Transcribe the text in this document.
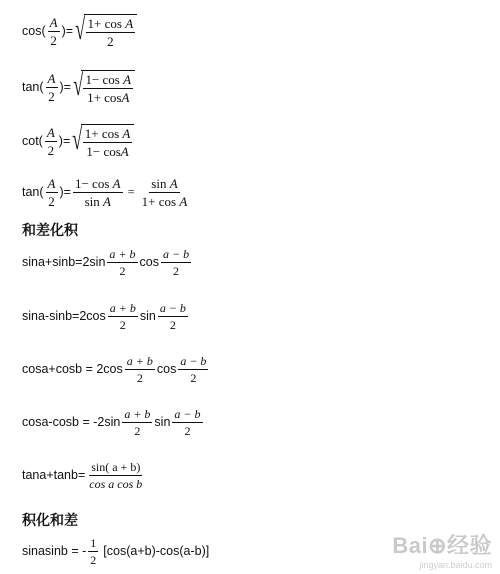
$\cos( \frac{A}{2}$ )= √ $\frac{\text{1+ cos A}}{2}$
$\tan( \frac{A}{2}$ )= √ $\frac{\text{1− cos A}}{1+ \cos A}$
$\cot( \frac{A}{2}$ )= √ $\frac{\text{1+ cos A}}{1- \cos A}$
$\tan( \frac{A}{2}$ )= $\frac{\text{1− cos A}}{\text{sin A}} = \frac{\text{sin A}}{\text{1+ cos A}}$
和差化积
$\sin a+\sin b=2\sin \frac{a + b}{2}$ $\cos \frac{a - b}{2}$
$\sin a-\sin b=2\cos \frac{a + b}{2}$ $\sin \frac{a - b}{2}$
$\cos a+\cos b = 2\cos \frac{a + b}{2}$ $\cos \frac{a - b}{2}$
$\cos a-\cos b = -2\sin \frac{a + b}{2}$ $\sin \frac{a - b}{2}$
$\tan a+\tan b= \frac{\sin( a + b)}{\text{cos a cos b}}$
积化和差
sinasinb = - $\frac{1}{2} [\cos(a+b)-\cos(a-b)]$	Bai⊕经验
jingyan.baidu.com
